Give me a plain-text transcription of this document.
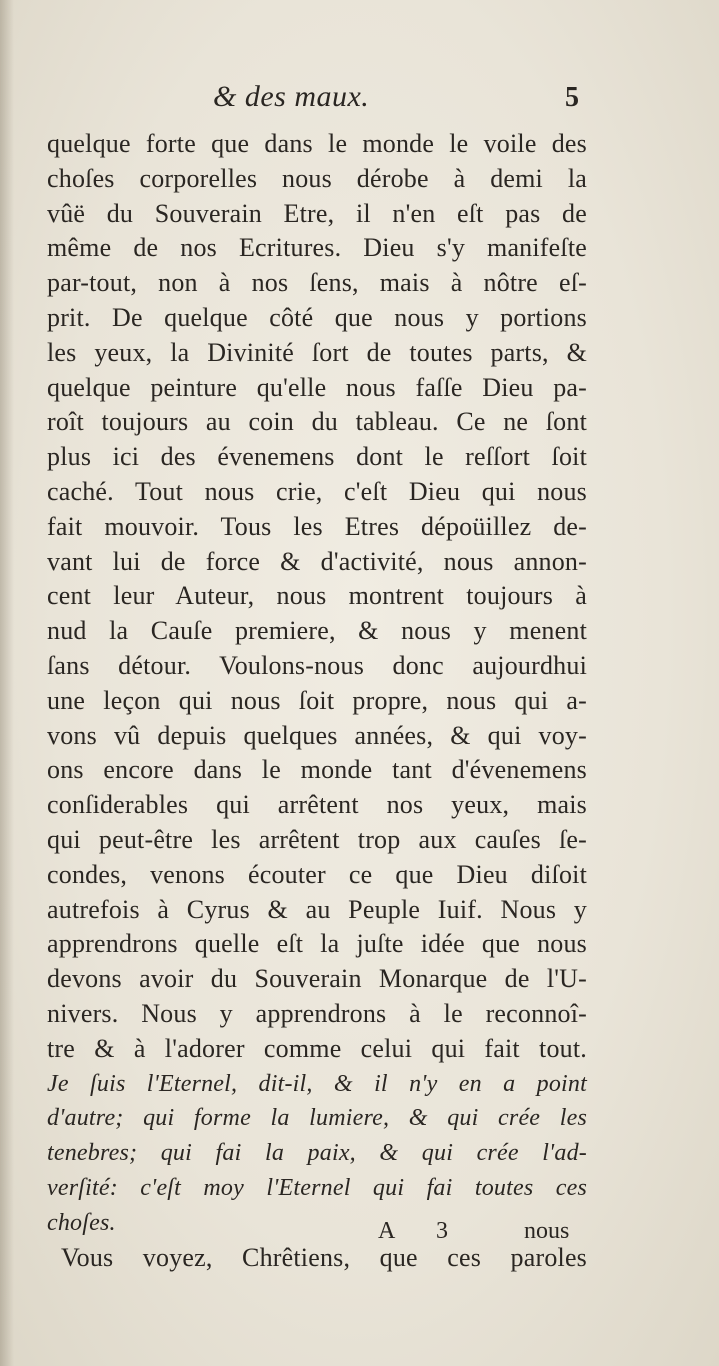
& des maux.	5
quelque forte que dans le monde le voile des
choſes corporelles nous dérobe à demi la
vûë du Souverain Etre, il n'en eſt pas de
même de nos Ecritures. Dieu s'y manifeſte
par-tout, non à nos ſens, mais à nôtre eſ-
prit. De quelque côté que nous y portions
les yeux, la Divinité ſort de toutes parts, &
quelque peinture qu'elle nous faſſe Dieu pa-
roît toujours au coin du tableau. Ce ne ſont
plus ici des évenemens dont le reſſort ſoit
caché. Tout nous crie, c'eſt Dieu qui nous
fait mouvoir. Tous les Etres dépoüillez de-
vant lui de force & d'activité, nous annon-
cent leur Auteur, nous montrent toujours à
nud la Cauſe premiere, & nous y menent
ſans détour. Voulons-nous donc aujourdhui
une leçon qui nous ſoit propre, nous qui a-
vons vû depuis quelques années, & qui voy-
ons encore dans le monde tant d'évenemens
conſiderables qui arrêtent nos yeux, mais
qui peut-être les arrêtent trop aux cauſes ſe-
condes, venons écouter ce que Dieu diſoit
autrefois à Cyrus & au Peuple Iuif. Nous y
apprendrons quelle eſt la juſte idée que nous
devons avoir du Souverain Monarque de l'U-
nivers. Nous y apprendrons à le reconnoî-
tre & à l'adorer comme celui qui fait tout.
Je ſuis l'Eternel, dit-il, & il n'y en a point
d'autre; qui forme la lumiere, & qui crée les
tenebres; qui fai la paix, & qui crée l'ad-
verſité: c'eſt moy l'Eternel qui fai toutes ces
choſes.
Vous voyez, Chrêtiens, que ces paroles
A 3 nous
